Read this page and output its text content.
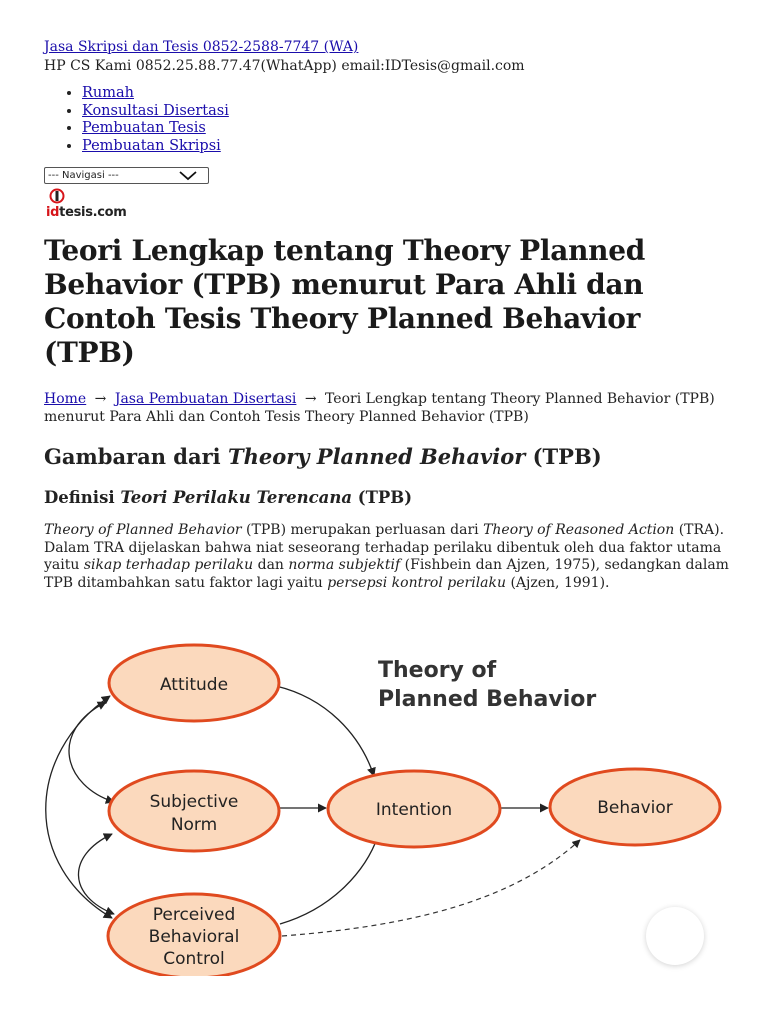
Jasa Skripsi dan Tesis 0852-2588-7747 (WA)
HP CS Kami 0852.25.88.77.47(WhatApp) email:IDTesis@gmail.com
• Rumah
• Konsultasi Disertasi
• Pembuatan Tesis
• Pembuatan Skripsi
--- Navigasi ---
idtesis.com
Teori Lengkap tentang Theory Planned Behavior (TPB) menurut Para Ahli dan Contoh Tesis Theory Planned Behavior (TPB)
Home → Jasa Pembuatan Disertasi → Teori Lengkap tentang Theory Planned Behavior (TPB) menurut Para Ahli dan Contoh Tesis Theory Planned Behavior (TPB)
Gambaran dari Theory Planned Behavior (TPB)
Definisi Teori Perilaku Terencana (TPB)

Theory of Planned Behavior (TPB) merupakan perluasan dari Theory of Reasoned Action (TRA). Dalam TRA dijelaskan bahwa niat seseorang terhadap perilaku dibentuk oleh dua faktor utama yaitu sikap terhadap perilaku dan norma subjektif (Fishbein dan Ajzen, 1975), sedangkan dalam TPB ditambahkan satu faktor lagi yaitu persepsi kontrol perilaku (Ajzen, 1991).

Theory of
Planned Behavior
Attitude
Subjective
Norm
Intention	Behavior
Perceived
Behavioral
Control
